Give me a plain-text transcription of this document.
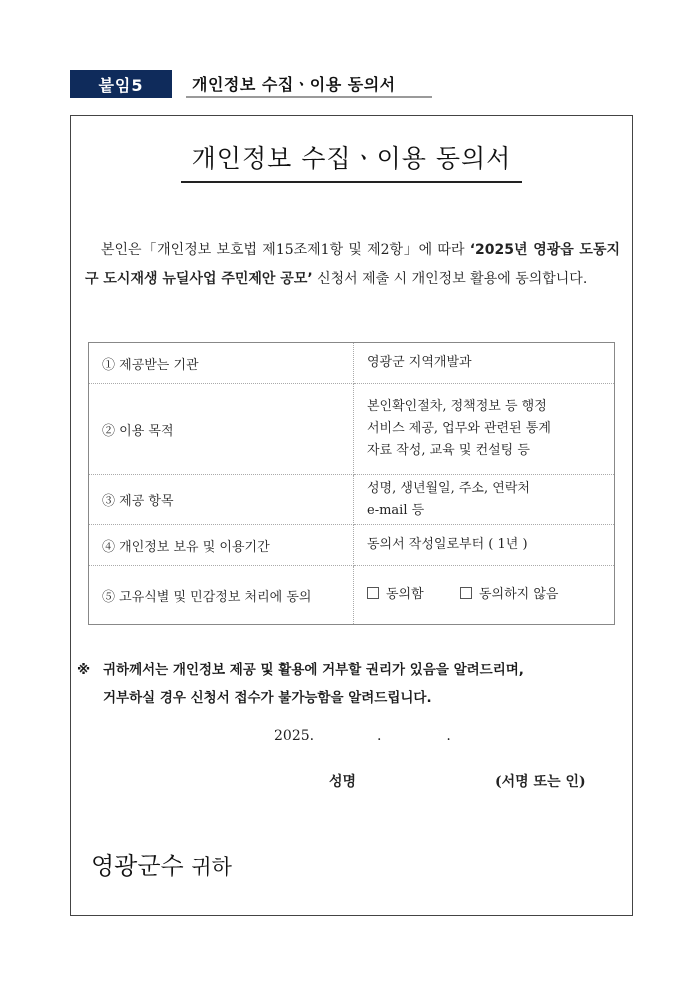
붙임5	개인정보 수집ㆍ이용 동의서
개인정보 수집ㆍ이용 동의서
본인은「개인정보 보호법 제15조제1항 및 제2항」에 따라 ‘2025년 영광읍 도동지구 도시재생 뉴딜사업 주민제안 공모’ 신청서 제출 시 개인정보 활용에 동의합니다.
① 제공받는 기관	영광군 지역개발과
② 이용 목적	본인확인절차, 정책정보 등 행정
서비스 제공, 업무와 관련된 통계
자료 작성, 교육 및 컨설팅 등

③ 제공 항목	성명, 생년월일, 주소, 연락처
e-mail 등

④ 개인정보 보유 및 이용기간	동의서 작성일로부터 ( 1년 )
⑤ 고유식별 및 민감정보 처리에 동의	동의함 동의하지 않음
※ 귀하께서는 개인정보 제공 및 활용에 거부할 권리가 있음을 알려드리며,
거부하실 경우 신청서 접수가 불가능함을 알려드립니다.
2025.	.	.
성명	(서명 또는 인)
영광군수 귀하
